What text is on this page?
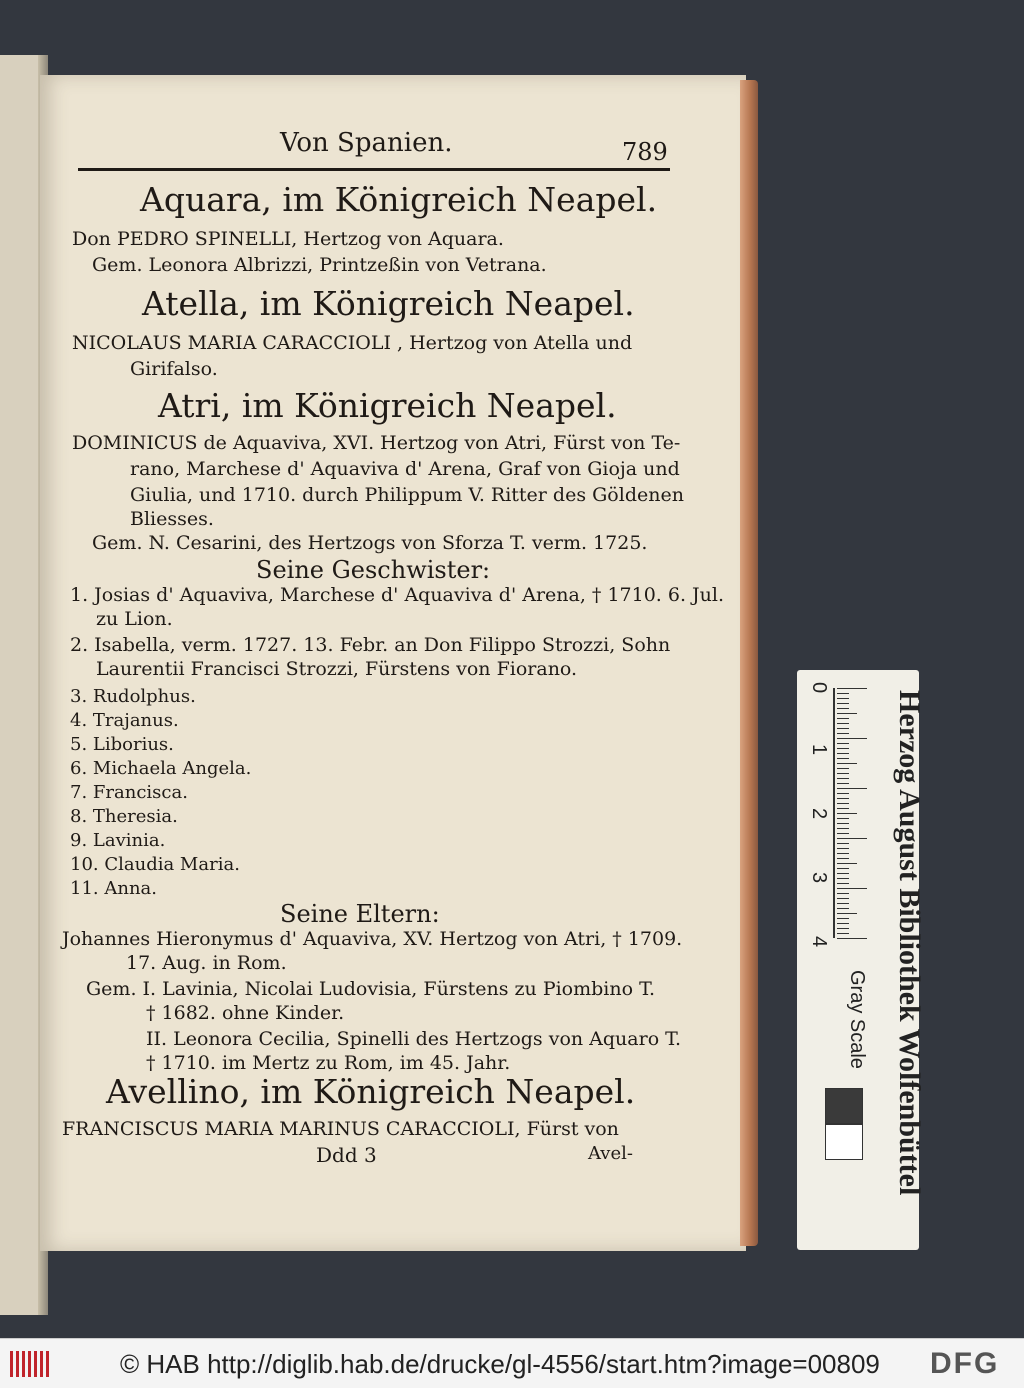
Von Spanien.	789
Aquara, im Königreich Neapel.
Don PEDRO SPINELLI, Hertzog von Aquara.
Gem. Leonora Albrizzi, Printzeßin von Vetrana.
Atella, im Königreich Neapel.
NICOLAUS MARIA CARACCIOLI , Hertzog von Atella und
Girifalso.
Atri, im Königreich Neapel.
DOMINICUS de Aquaviva, XVI. Hertzog von Atri, Fürst von Te-
rano, Marchese d' Aquaviva d' Arena, Graf von Gioja und
Giulia, und 1710. durch Philippum V. Ritter des Göldenen
Bliesses.
Gem. N. Cesarini, des Hertzogs von Sforza T. verm. 1725.
Seine Geschwister:
1. Josias d' Aquaviva, Marchese d' Aquaviva d' Arena, † 1710. 6. Jul.
zu Lion.
2. Isabella, verm. 1727. 13. Febr. an Don Filippo Strozzi, Sohn
Laurentii Francisci Strozzi, Fürstens von Fiorano.
3. Rudolphus.
4. Trajanus.
5. Liborius.
6. Michaela Angela.
7. Francisca.
8. Theresia.
9. Lavinia.
10. Claudia Maria.
11. Anna.
Seine Eltern:
Johannes Hieronymus d' Aquaviva, XV. Hertzog von Atri, † 1709.
17. Aug. in Rom.
Gem. I. Lavinia, Nicolai Ludovisia, Fürstens zu Piombino T.
† 1682. ohne Kinder.
II. Leonora Cecilia, Spinelli des Hertzogs von Aquaro T.
† 1710. im Mertz zu Rom, im 45. Jahr.
Avellino, im Königreich Neapel.
FRANCISCUS MARIA MARINUS CARACCIOLI, Fürst von
Ddd 3	Avel-	Herzog August Bibliothek Wolfenbüttel
0
1
2
3
4
Gray Scale
© HAB http://diglib.hab.de/drucke/gl-4556/start.htm?image=00809 DFG
